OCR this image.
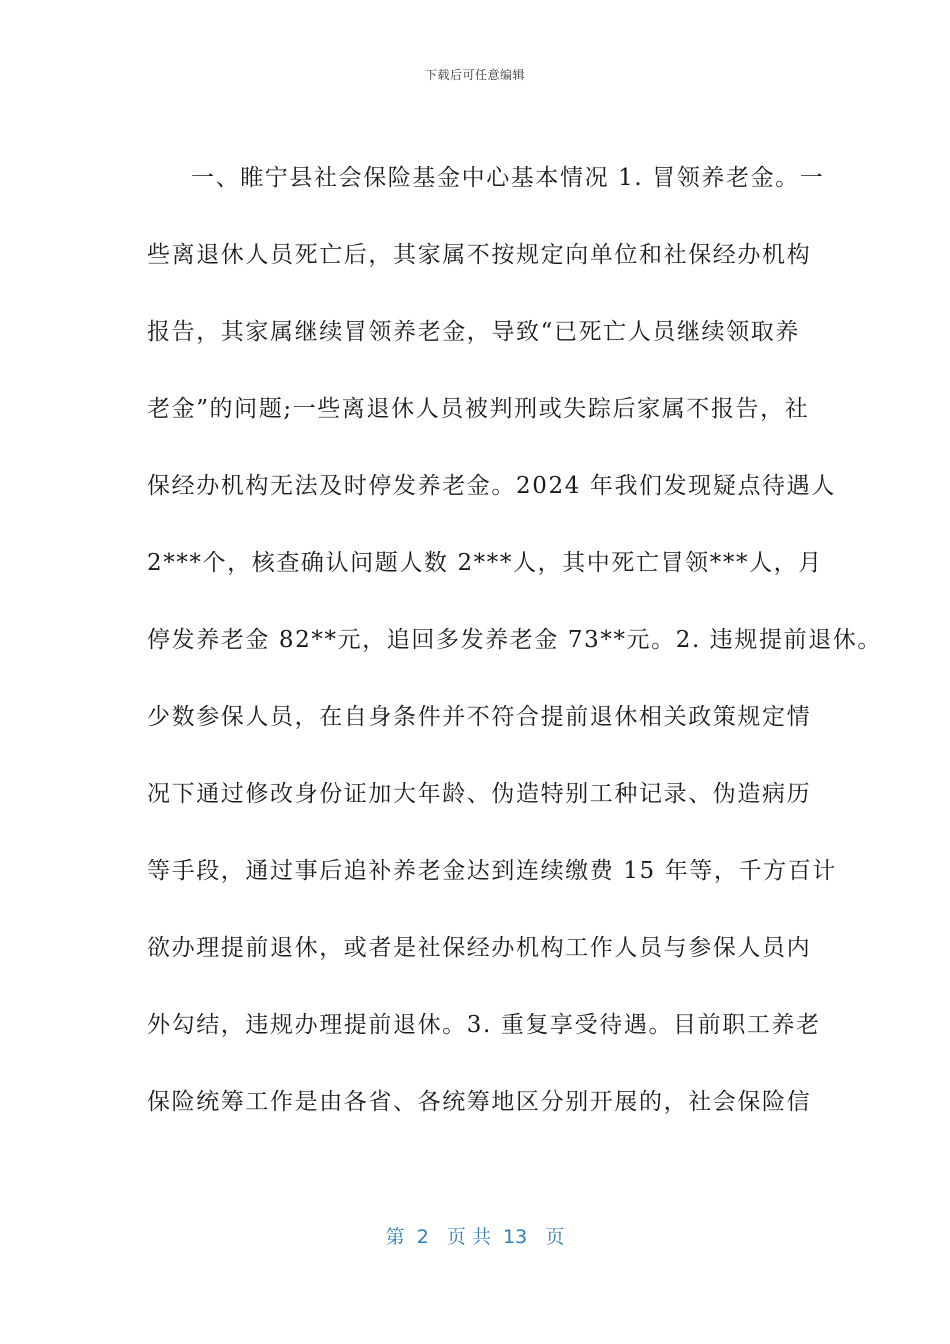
下载后可任意编辑
一、睢宁县社会保险基金中心基本情况 1. 冒领养老金。一
些离退休人员死亡后，其家属不按规定向单位和社保经办机构
报告，其家属继续冒领养老金，导致“已死亡人员继续领取养
老金”的问题;一些离退休人员被判刑或失踪后家属不报告，社
保经办机构无法及时停发养老金。2024 年我们发现疑点待遇人
2***个，核查确认问题人数 2***人，其中死亡冒领***人，月
停发养老金 82**元，追回多发养老金 73**元。2. 违规提前退休。
少数参保人员，在自身条件并不符合提前退休相关政策规定情
况下通过修改身份证加大年龄、伪造特别工种记录、伪造病历
等手段，通过事后追补养老金达到连续缴费 15 年等，千方百计
欲办理提前退休，或者是社保经办机构工作人员与参保人员内
外勾结，违规办理提前退休。3. 重复享受待遇。目前职工养老
保险统筹工作是由各省、各统筹地区分别开展的，社会保险信
第  2   页 共  13   页
